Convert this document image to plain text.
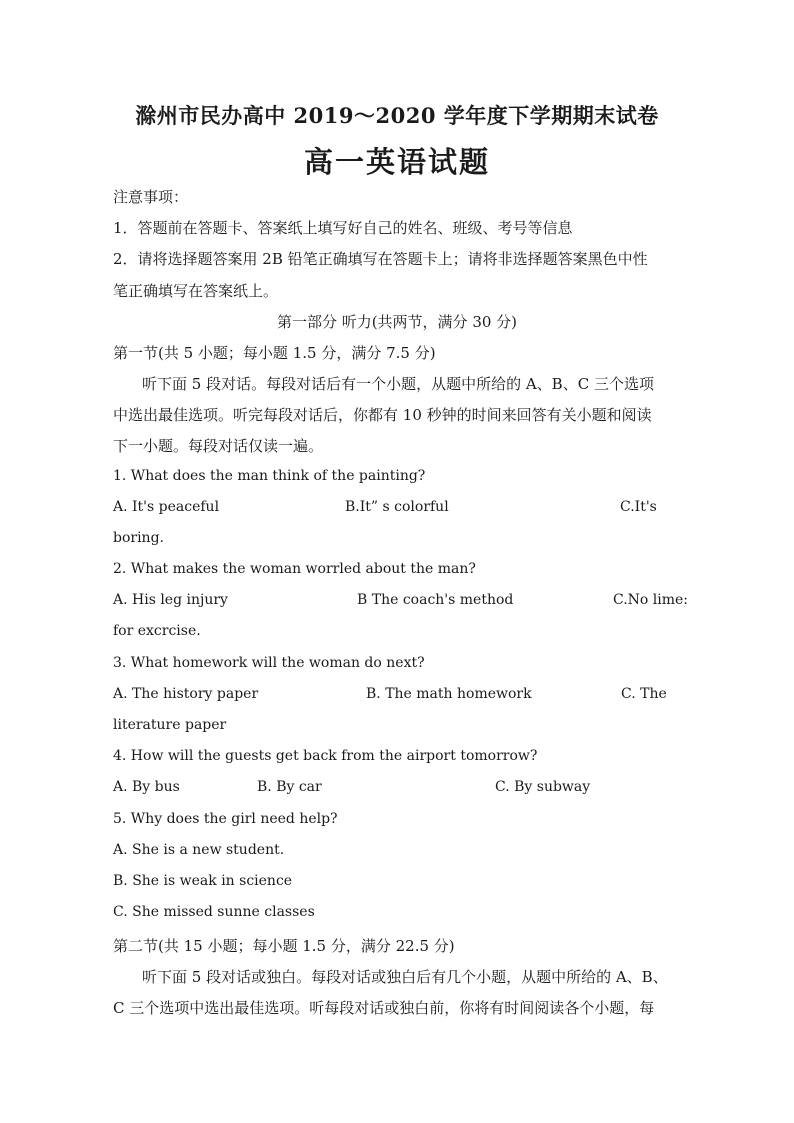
滁州市民办高中 2019～2020 学年度下学期期末试卷
高一英语试题
注意事项：
1．答题前在答题卡、答案纸上填写好自己的姓名、班级、考号等信息
2．请将选择题答案用 2B 铅笔正确填写在答题卡上；请将非选择题答案黑色中性
笔正确填写在答案纸上。
第一部分 听力(共两节，满分 30 分)
第一节(共 5 小题；每小题 1.5 分，满分 7.5 分)
听下面 5 段对话。每段对话后有一个小题，从题中所给的 A、B、C 三个选项
中选出最佳选项。听完每段对话后，你都有 10 秒钟的时间来回答有关小题和阅读
下一小题。每段对话仅读一遍。
1. What does the man think of the painting?
A. It's peaceful	B.It” s colorful	C.It's
boring.
2. What makes the woman worrled about the man?
A. His leg injury	B The coach's method	C.No lime:
for excrcise.
3. What homework will the woman do next?
A. The history paper	B. The math homework	C. The
literature paper
4. How will the guests get back from the airport tomorrow?
A. By bus	B. By car	C. By subway
5. Why does the girl need help?
A. She is a new student.
B. She is weak in science
C. She missed sunne classes
第二节(共 15 小题；每小题 1.5 分，满分 22.5 分)
听下面 5 段对话或独白。每段对话或独白后有几个小题，从题中所给的 A、B、
C 三个选项中选出最佳选项。听每段对话或独白前，你将有时间阅读各个小题，每
